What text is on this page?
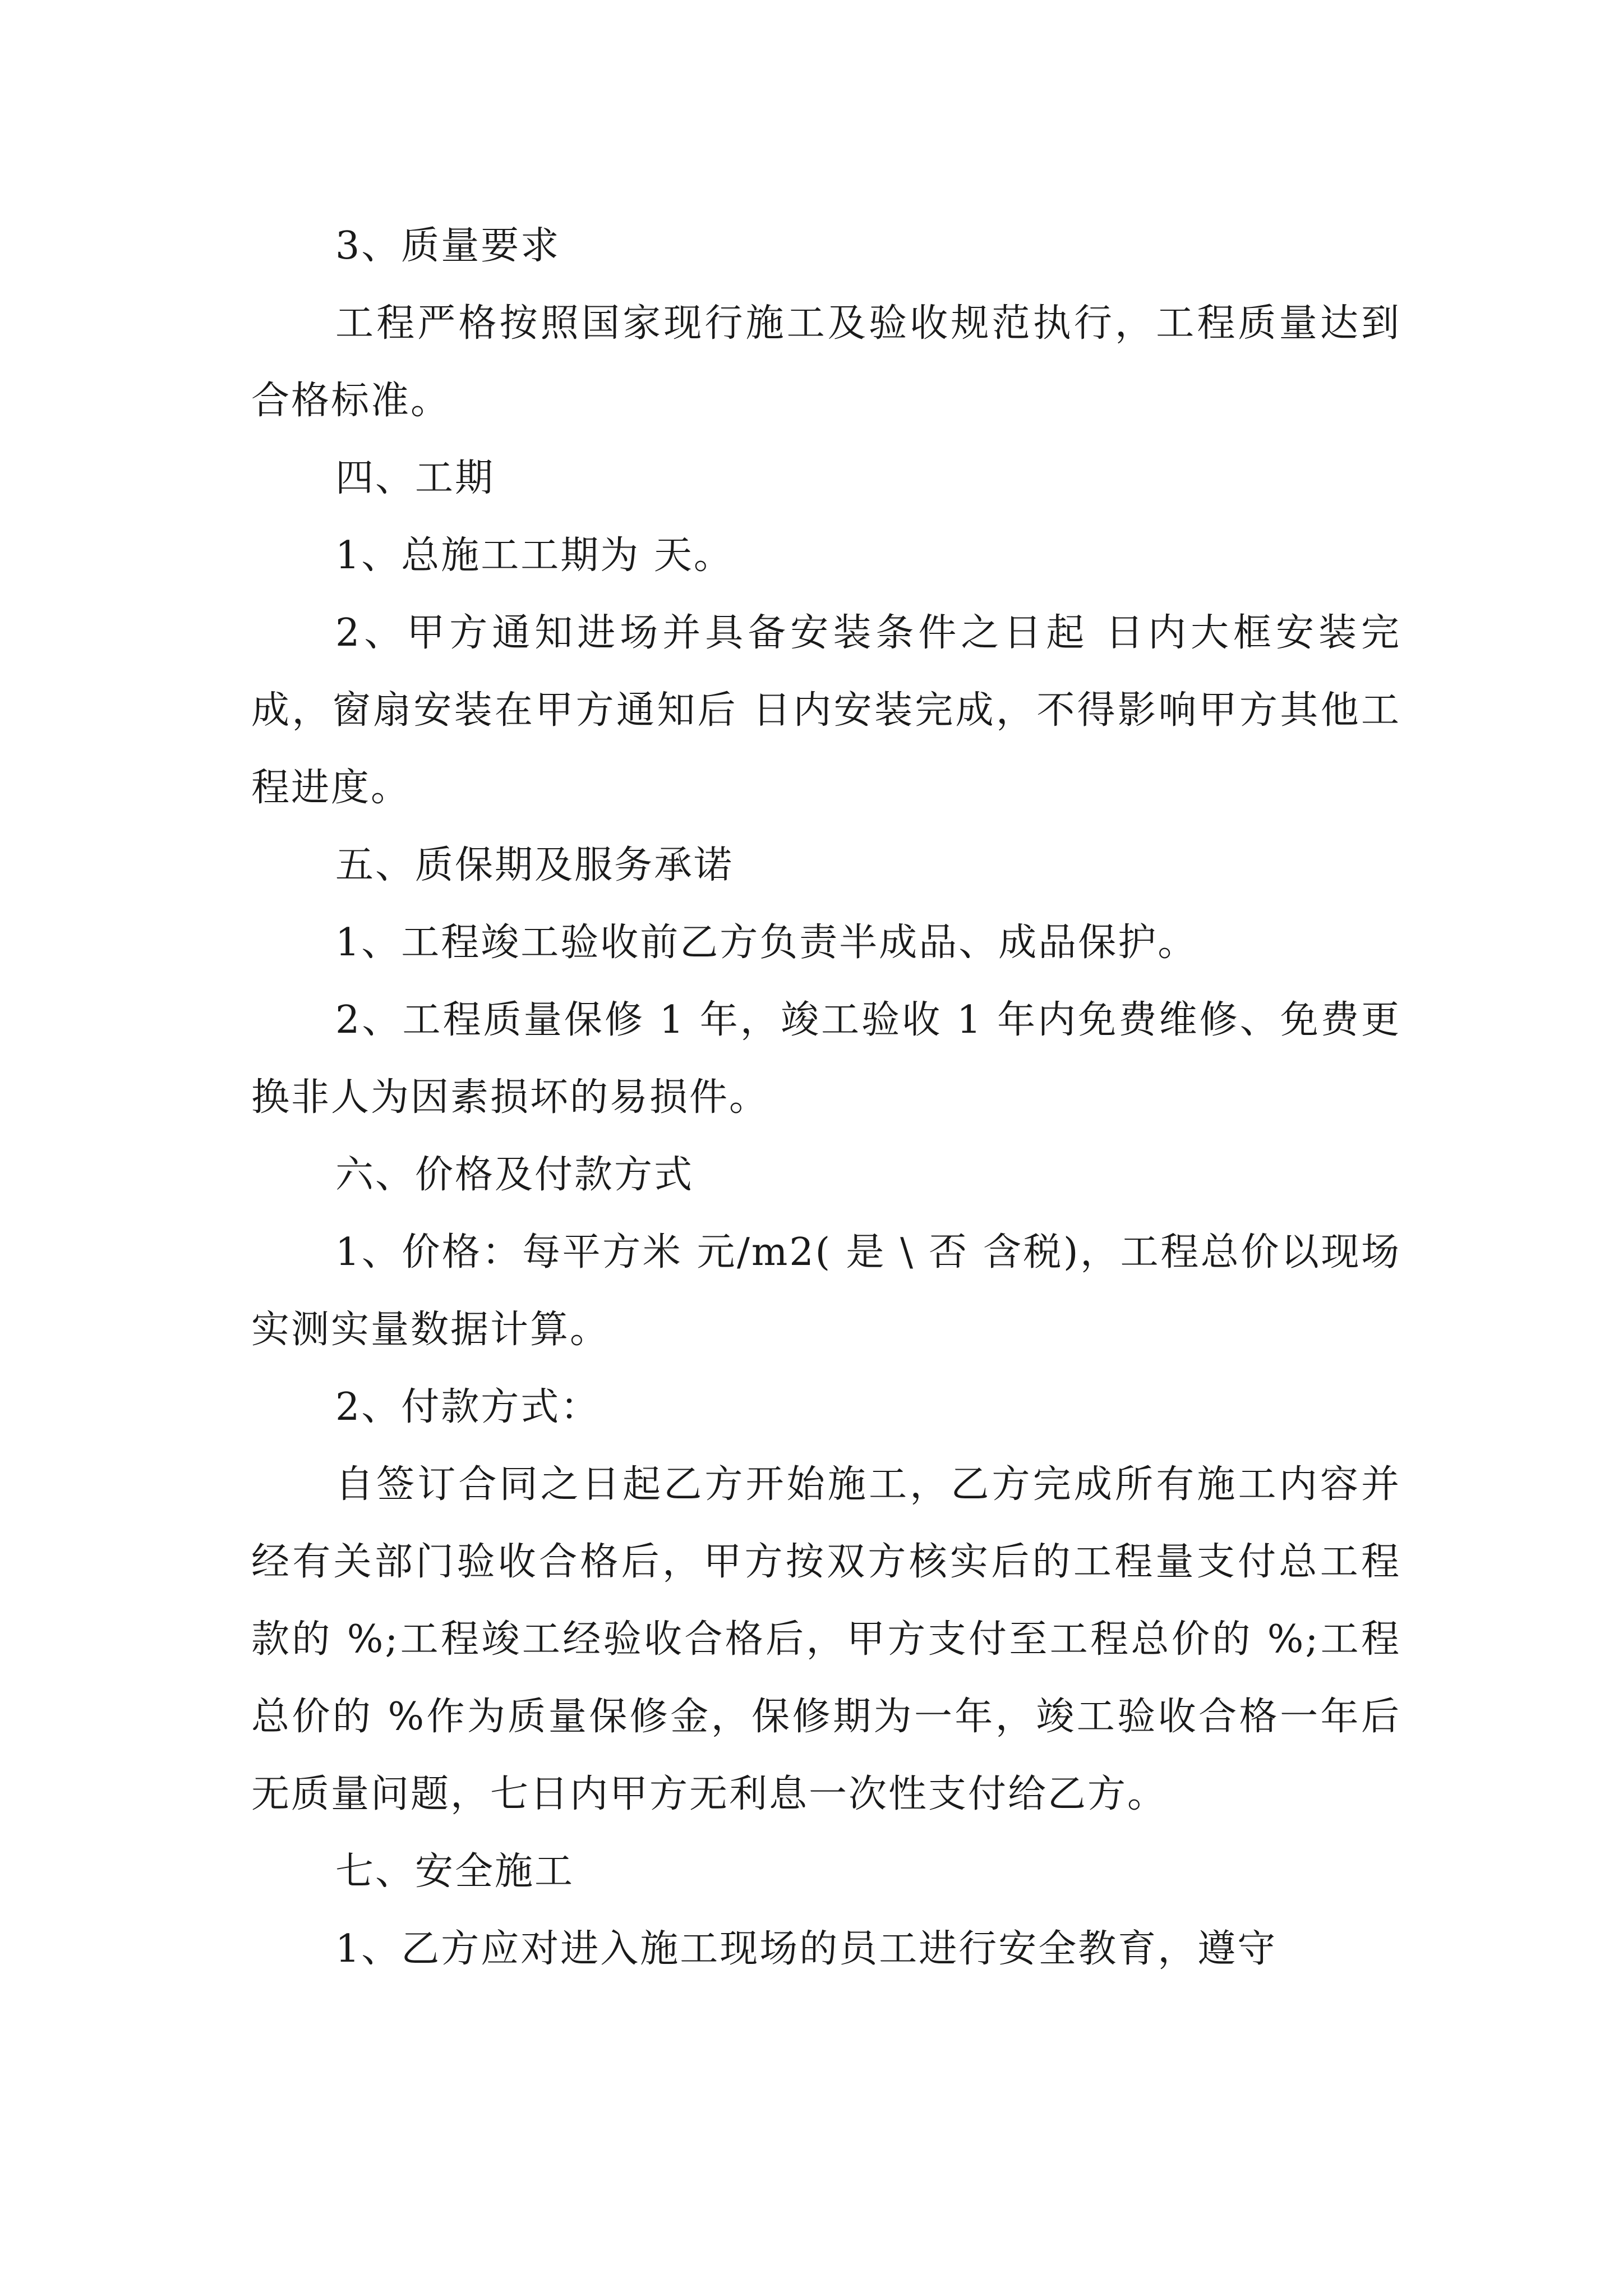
3、质量要求

工程严格按照国家现行施工及验收规范执行，工程质量达到合格标准。

四、工期

1、总施工工期为 天。

2、甲方通知进场并具备安装条件之日起 日内大框安装完成，窗扇安装在甲方通知后 日内安装完成，不得影响甲方其他工程进度。

五、质保期及服务承诺

1、工程竣工验收前乙方负责半成品、成品保护。

2、工程质量保修 1 年，竣工验收 1 年内免费维修、免费更换非人为因素损坏的易损件。

六、价格及付款方式

1、价格：每平方米 元/m2( 是 \ 否 含税)，工程总价以现场实测实量数据计算。

2、付款方式：

自签订合同之日起乙方开始施工，乙方完成所有施工内容并经有关部门验收合格后，甲方按双方核实后的工程量支付总工程款的 %;工程竣工经验收合格后，甲方支付至工程总价的 %;工程总价的 %作为质量保修金，保修期为一年，竣工验收合格一年后无质量问题，七日内甲方无利息一次性支付给乙方。

七、安全施工

1、乙方应对进入施工现场的员工进行安全教育，遵守
